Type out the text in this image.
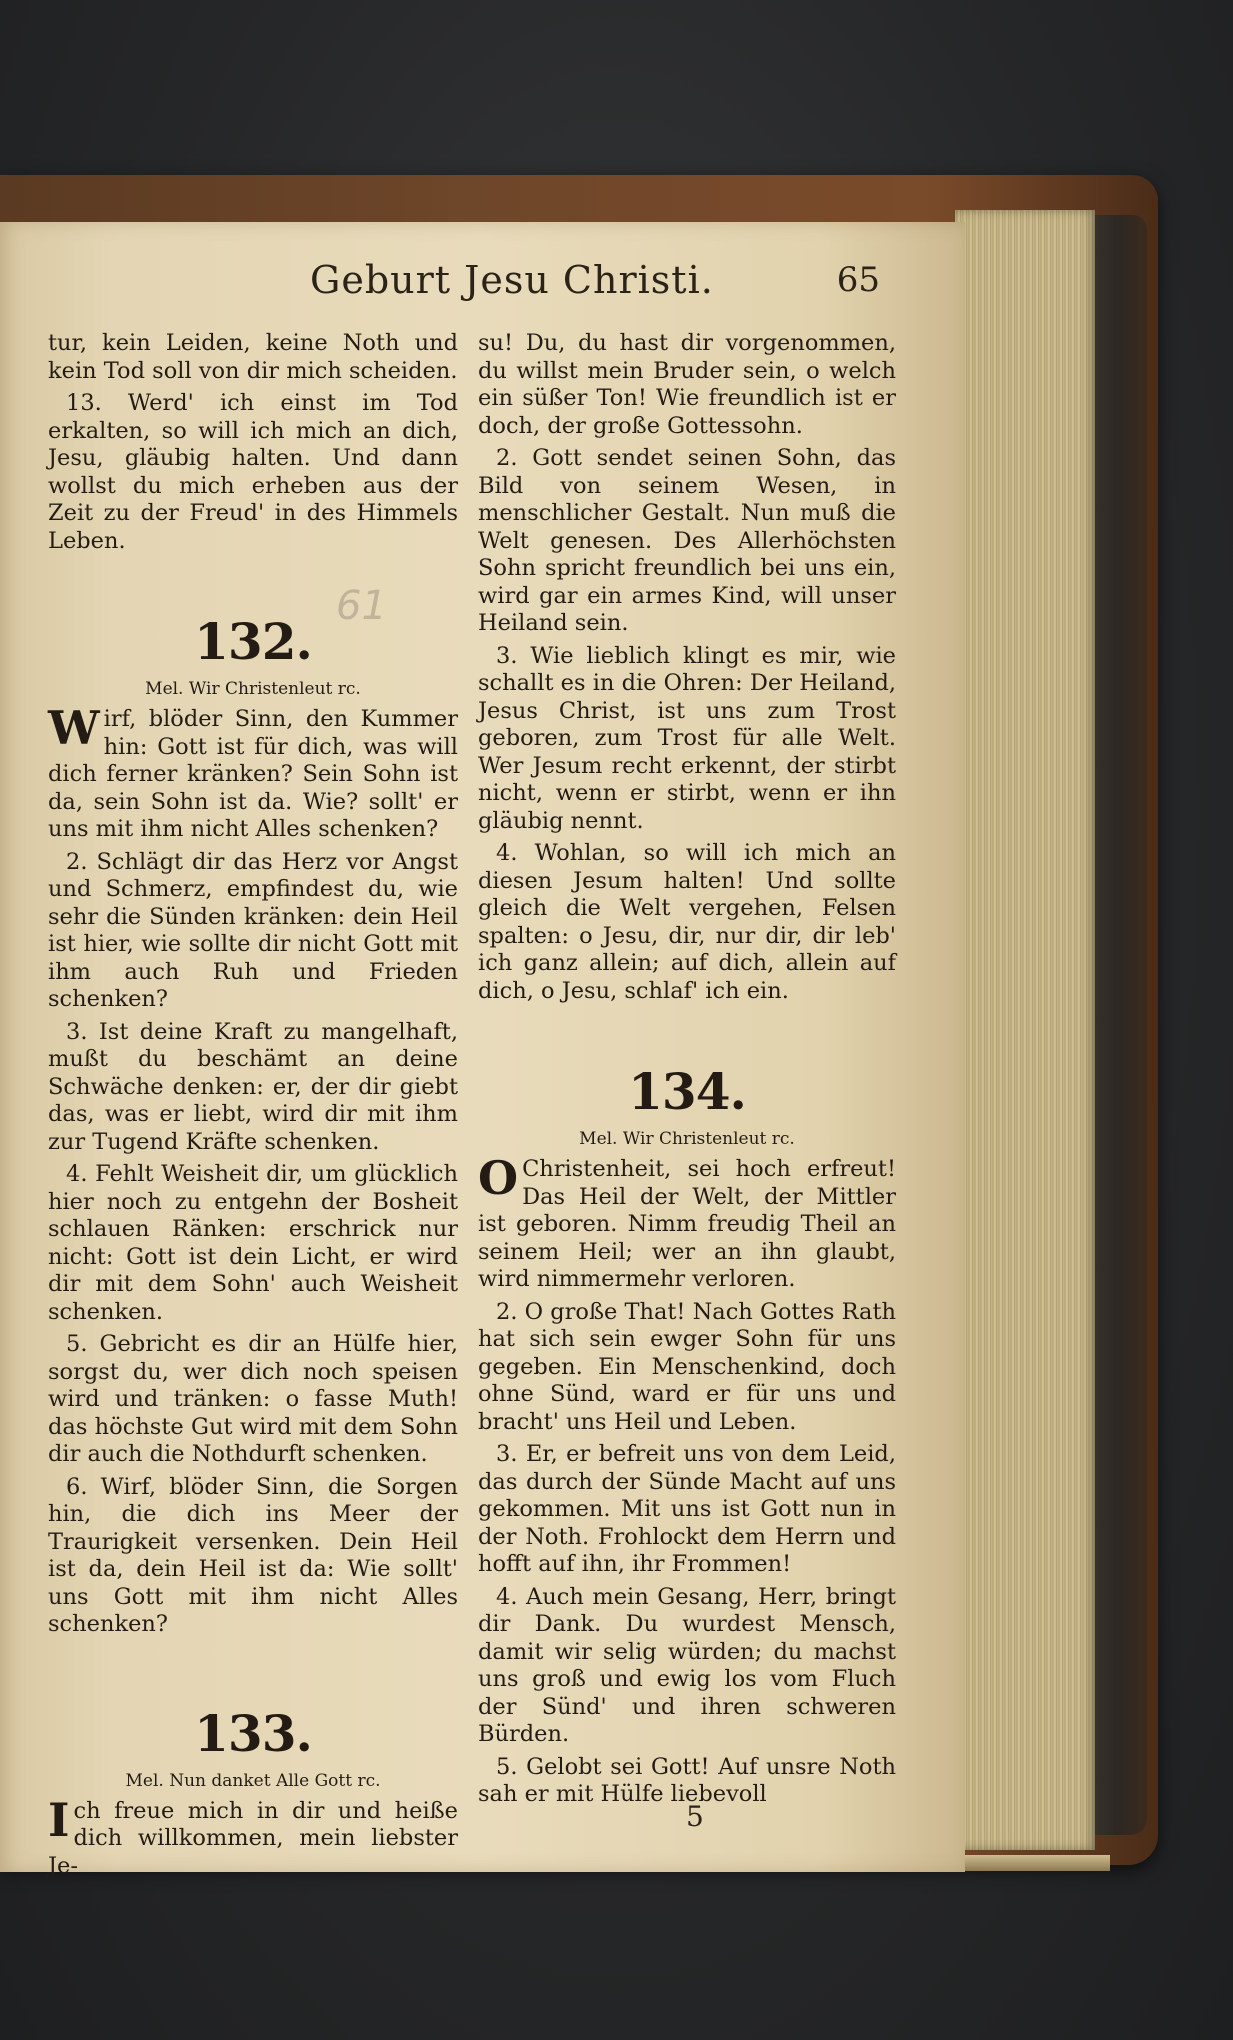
Geburt Jesu Christi.	65
61

tur, kein Leiden, keine Noth und kein Tod soll von dir mich scheiden.

13. Werd' ich einst im Tod erkalten, so will ich mich an dich, Jesu, gläubig halten. Und dann wollst du mich erheben aus der Zeit zu der Freud' in des Himmels Leben.

132.

Mel. Wir Christenleut rc.

Wirf, blöder Sinn, den Kummer hin: Gott ist für dich, was will dich ferner kränken? Sein Sohn ist da, sein Sohn ist da. Wie? sollt' er uns mit ihm nicht Alles schenken?

2. Schlägt dir das Herz vor Angst und Schmerz, empfindest du, wie sehr die Sünden kränken: dein Heil ist hier, wie sollte dir nicht Gott mit ihm auch Ruh und Frieden schenken?

3. Ist deine Kraft zu mangelhaft, mußt du beschämt an deine Schwäche denken: er, der dir giebt das, was er liebt, wird dir mit ihm zur Tugend Kräfte schenken.

4. Fehlt Weisheit dir, um glücklich hier noch zu entgehn der Bosheit schlauen Ränken: erschrick nur nicht: Gott ist dein Licht, er wird dir mit dem Sohn' auch Weisheit schenken.

5. Gebricht es dir an Hülfe hier, sorgst du, wer dich noch speisen wird und tränken: o fasse Muth! das höchste Gut wird mit dem Sohn dir auch die Nothdurft schenken.

6. Wirf, blöder Sinn, die Sorgen hin, die dich ins Meer der Traurigkeit versenken. Dein Heil ist da, dein Heil ist da: Wie sollt' uns Gott mit ihm nicht Alles schenken?

133.

Mel. Nun danket Alle Gott rc.

Ich freue mich in dir und heiße dich willkommen, mein liebster Je-

su! Du, du hast dir vorgenommen, du willst mein Bruder sein, o welch ein süßer Ton! Wie freundlich ist er doch, der große Gottessohn.

2. Gott sendet seinen Sohn, das Bild von seinem Wesen, in menschlicher Gestalt. Nun muß die Welt genesen. Des Allerhöchsten Sohn spricht freundlich bei uns ein, wird gar ein armes Kind, will unser Heiland sein.

3. Wie lieblich klingt es mir, wie schallt es in die Ohren: Der Heiland, Jesus Christ, ist uns zum Trost geboren, zum Trost für alle Welt. Wer Jesum recht erkennt, der stirbt nicht, wenn er stirbt, wenn er ihn gläubig nennt.

4. Wohlan, so will ich mich an diesen Jesum halten! Und sollte gleich die Welt vergehen, Felsen spalten: o Jesu, dir, nur dir, dir leb' ich ganz allein; auf dich, allein auf dich, o Jesu, schlaf' ich ein.

134.

Mel. Wir Christenleut rc.

O Christenheit, sei hoch erfreut! Das Heil der Welt, der Mittler ist geboren. Nimm freudig Theil an seinem Heil; wer an ihn glaubt, wird nimmermehr verloren.

2. O große That! Nach Gottes Rath hat sich sein ewger Sohn für uns gegeben. Ein Menschenkind, doch ohne Sünd, ward er für uns und bracht' uns Heil und Leben.

3. Er, er befreit uns von dem Leid, das durch der Sünde Macht auf uns gekommen. Mit uns ist Gott nun in der Noth. Frohlockt dem Herrn und hofft auf ihn, ihr Frommen!

4. Auch mein Gesang, Herr, bringt dir Dank. Du wurdest Mensch, damit wir selig würden; du machst uns groß und ewig los vom Fluch der Sünd' und ihren schweren Bürden.

5. Gelobt sei Gott! Auf unsre Noth sah er mit Hülfe liebevoll

5
